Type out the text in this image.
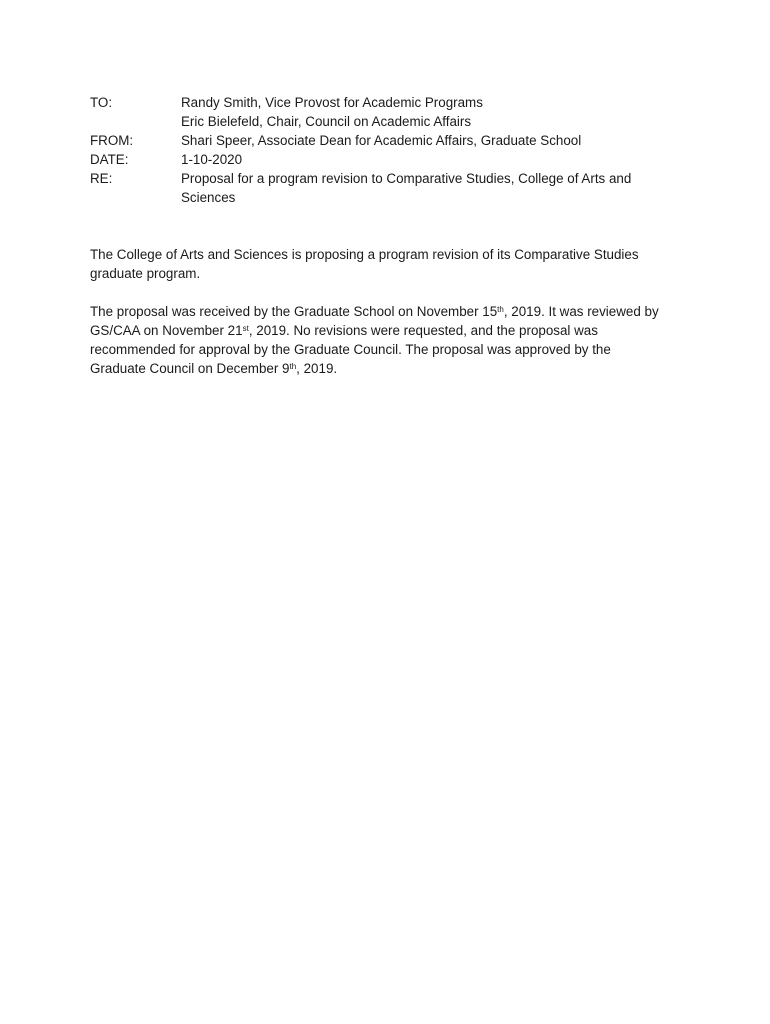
TO:	Randy Smith, Vice Provost for Academic Programs
Eric Bielefeld, Chair, Council on Academic Affairs
FROM:	Shari Speer, Associate Dean for Academic Affairs, Graduate School
DATE:	1-10-2020
RE:	Proposal for a program revision to Comparative Studies, College of Arts and
Sciences

The College of Arts and Sciences is proposing a program revision of its Comparative Studies
graduate program.

The proposal was received by the Graduate School on November 15th, 2019. It was reviewed by
GS/CAA on November 21st, 2019. No revisions were requested, and the proposal was
recommended for approval by the Graduate Council. The proposal was approved by the
Graduate Council on December 9th, 2019.
